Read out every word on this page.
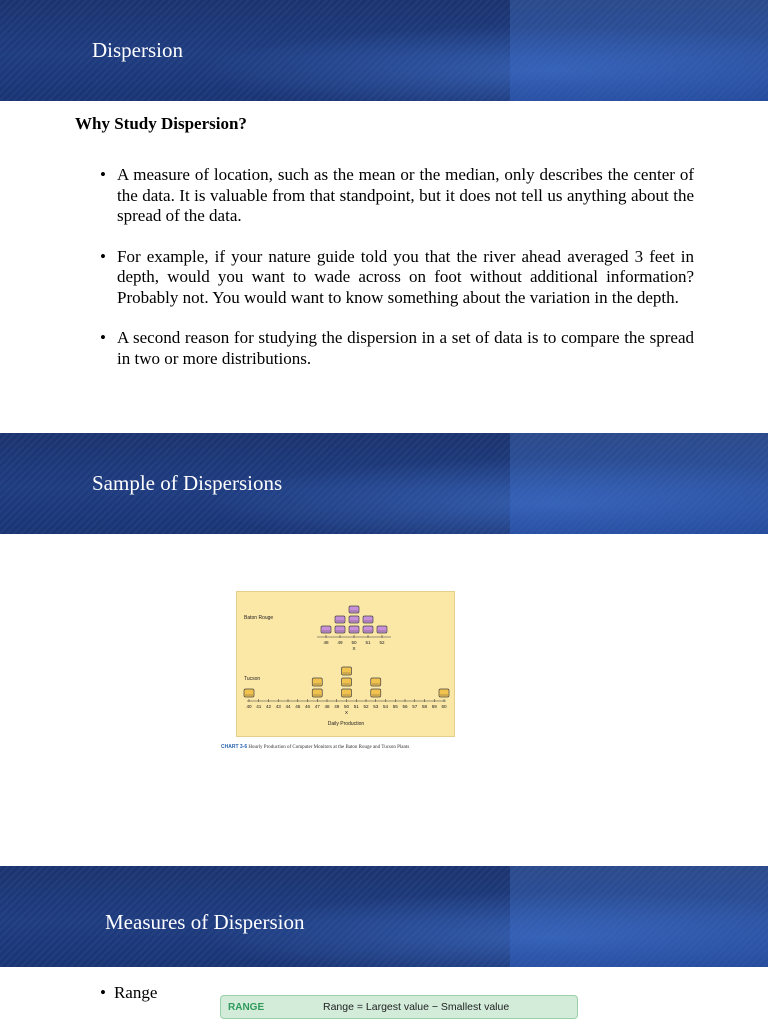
Dispersion
Why Study Dispersion?
• A measure of location, such as the mean or the median, only describes the center of the data. It is valuable from that standpoint, but it does not tell us anything about the spread of the data.
• For example, if your nature guide told you that the river ahead averaged 3 feet in depth, would you want to wade across on foot without additional information? Probably not. You would want to know something about the variation in the depth.
• A second reason for studying the dispersion in a set of data is to compare the spread in two or more distributions.
Sample of Dispersions
Baton Rouge
48 49 50 51 52
X
Tucson
40 41 42 43 44 45 46 47 48 49 50 51 52 53 54 55 56 57 58 59 60
X
Daily Production
CHART 3-6 Hourly Production of Computer Monitors at the Baton Rouge and Tucson Plants
Measures of Dispersion
• Range
RANGE	Range = Largest value − Smallest value
